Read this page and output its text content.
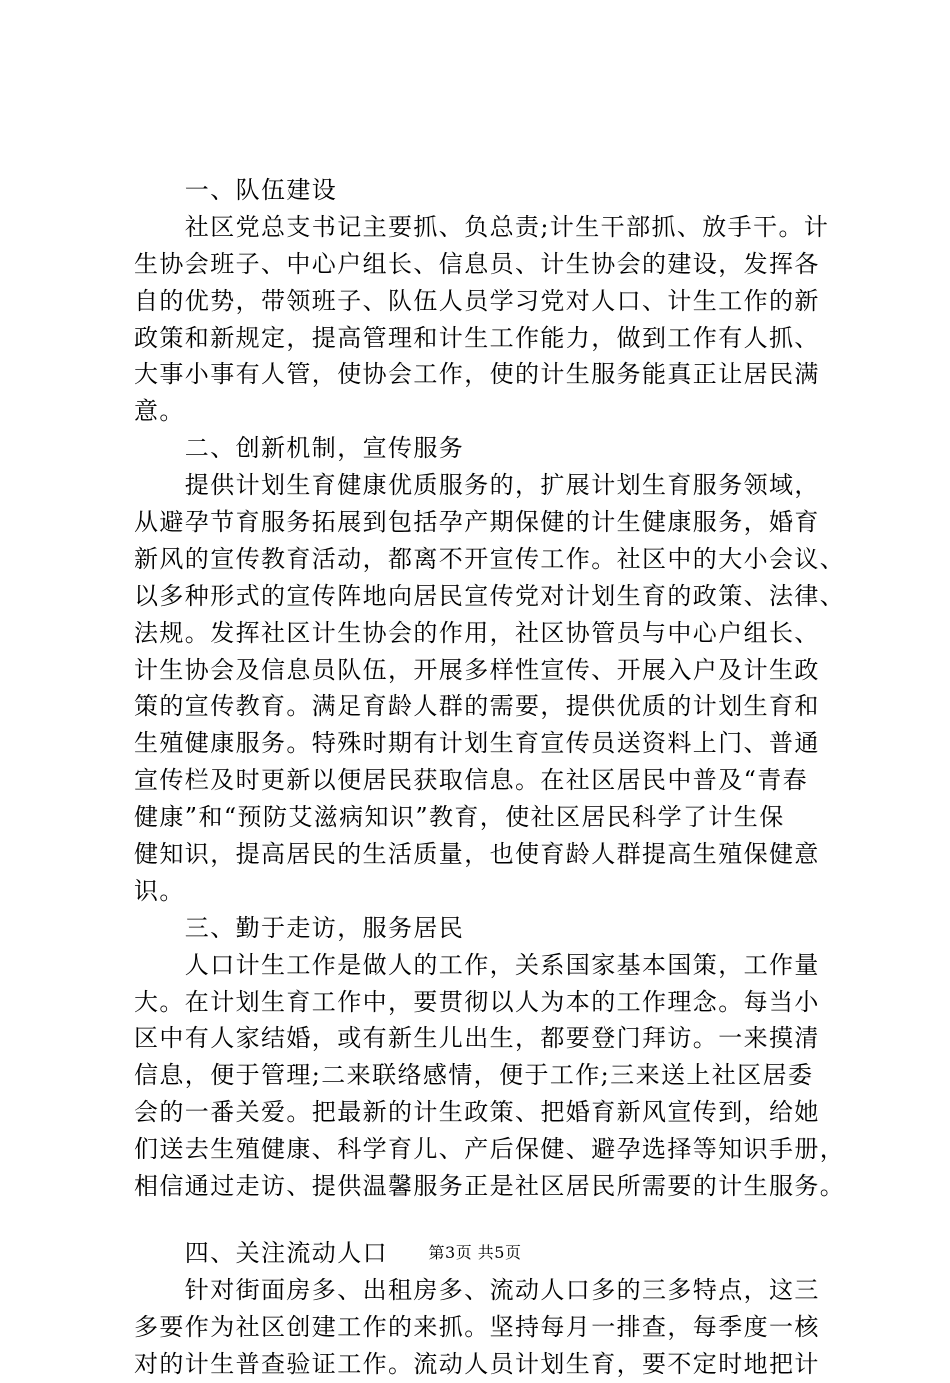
　　一、队伍建设
　　社区党总支书记主要抓、负总责;计生干部抓、放手干。计
生协会班子、中心户组长、信息员、计生协会的建设，发挥各
自的优势，带领班子、队伍人员学习党对人口、计生工作的新
政策和新规定，提高管理和计生工作能力，做到工作有人抓、
大事小事有人管，使协会工作，使的计生服务能真正让居民满
意。
　　二、创新机制，宣传服务
　　提供计划生育健康优质服务的，扩展计划生育服务领域，
从避孕节育服务拓展到包括孕产期保健的计生健康服务，婚育
新风的宣传教育活动，都离不开宣传工作。社区中的大小会议、
以多种形式的宣传阵地向居民宣传党对计划生育的政策、法律、
法规。发挥社区计生协会的作用，社区协管员与中心户组长、
计生协会及信息员队伍，开展多样性宣传、开展入户及计生政
策的宣传教育。满足育龄人群的需要，提供优质的计划生育和
生殖健康服务。特殊时期有计划生育宣传员送资料上门、普通
宣传栏及时更新以便居民获取信息。在社区居民中普及“青春
健康”和“预防艾滋病知识”教育，使社区居民科学了计生保
健知识，提高居民的生活质量，也使育龄人群提高生殖保健意
识。
　　三、勤于走访，服务居民
　　人口计生工作是做人的工作，关系国家基本国策，工作量
大。在计划生育工作中，要贯彻以人为本的工作理念。每当小
区中有人家结婚，或有新生儿出生，都要登门拜访。一来摸清
信息，便于管理;二来联络感情，便于工作;三来送上社区居委
会的一番关爱。把最新的计生政策、把婚育新风宣传到，给她
们送去生殖健康、科学育儿、产后保健、避孕选择等知识手册，
相信通过走访、提供温馨服务正是社区居民所需要的计生服务。
　　四、关注流动人口
　　针对街面房多、出租房多、流动人口多的三多特点，这三
多要作为社区创建工作的来抓。坚持每月一排查，每季度一核
对的计生普查验证工作。流动人员计划生育，要不定时地把计
第3页 共5页
